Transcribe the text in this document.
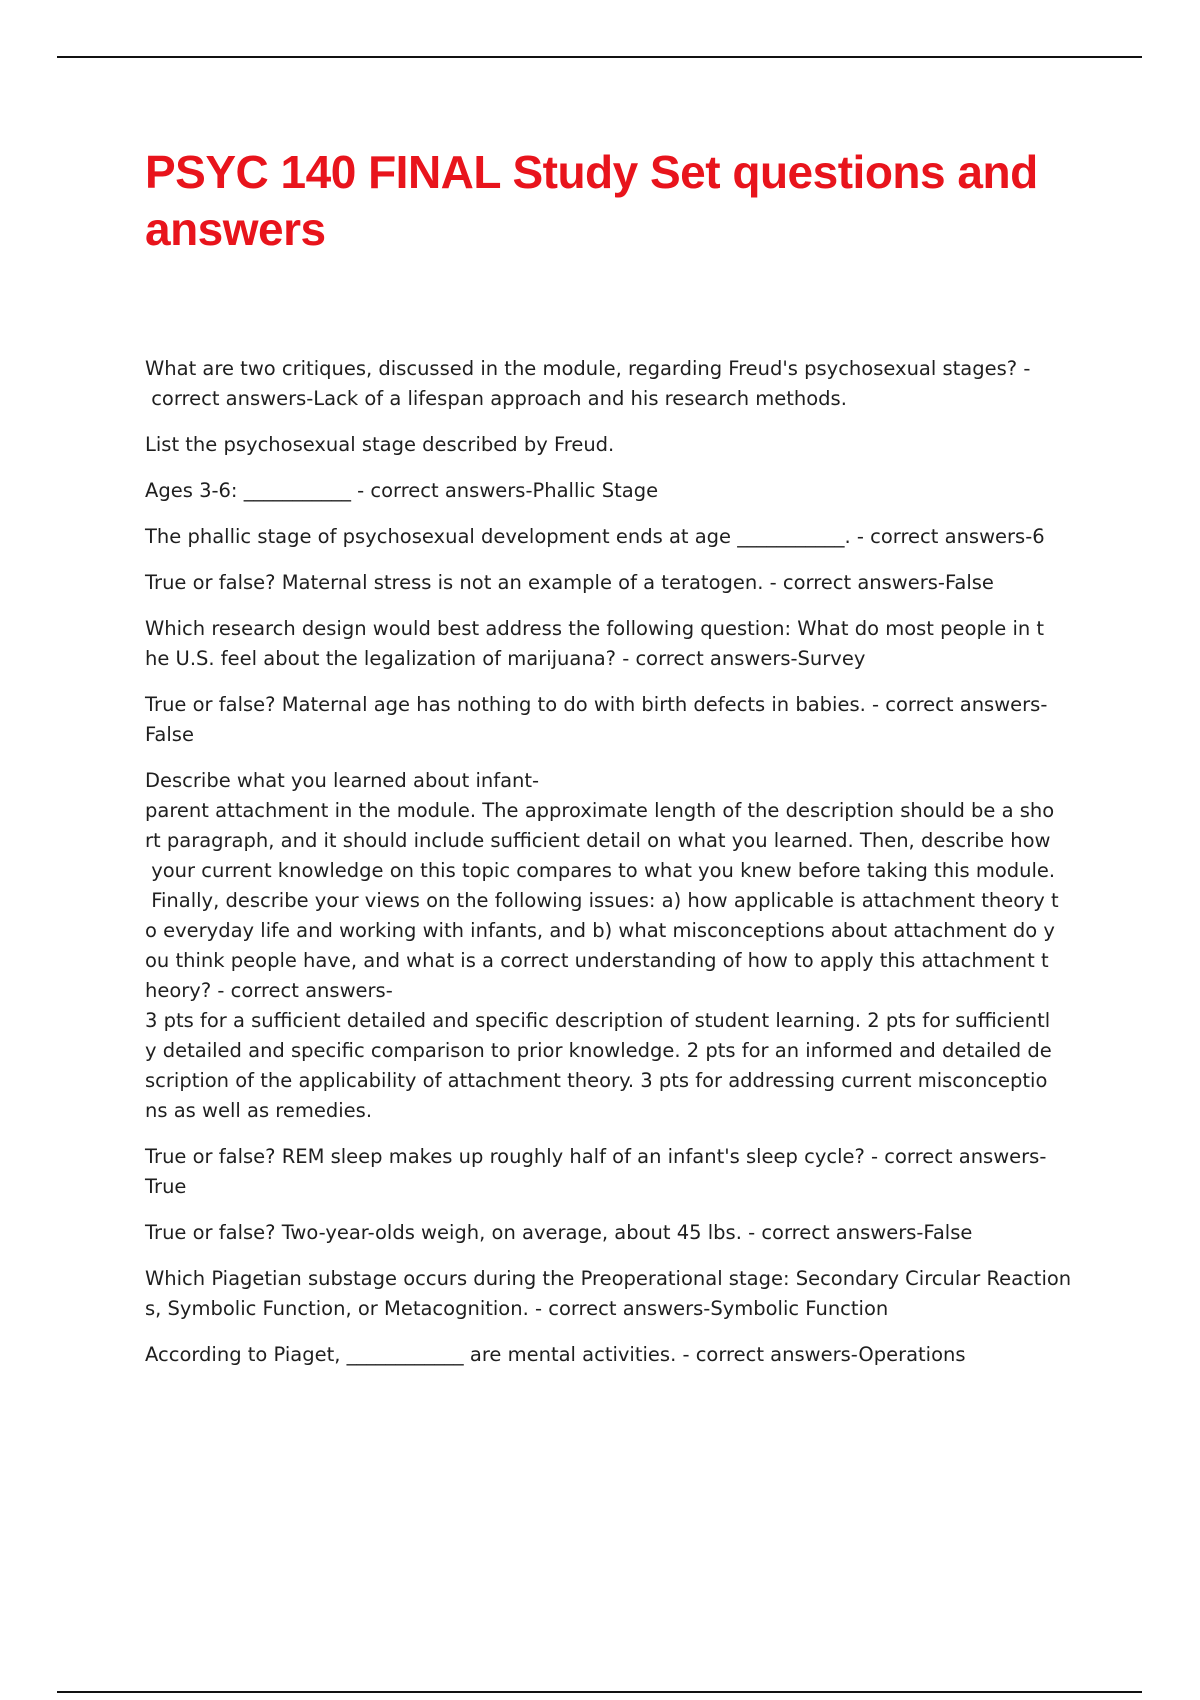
PSYC 140 FINAL Study Set questions and answers

What are two critiques, discussed in the module, regarding Freud's psychosexual stages? -
correct answers-Lack of a lifespan approach and his research methods.

List the psychosexual stage described by Freud.

Ages 3-6: ___________ - correct answers-Phallic Stage

The phallic stage of psychosexual development ends at age ___________. - correct answers-6

True or false? Maternal stress is not an example of a teratogen. - correct answers-False

Which research design would best address the following question: What do most people in t
he U.S. feel about the legalization of marijuana? - correct answers-Survey

True or false? Maternal age has nothing to do with birth defects in babies. - correct answers-
False

Describe what you learned about infant-
parent attachment in the module. The approximate length of the description should be a sho
rt paragraph, and it should include sufficient detail on what you learned. Then, describe how
your current knowledge on this topic compares to what you knew before taking this module.
Finally, describe your views on the following issues: a) how applicable is attachment theory t
o everyday life and working with infants, and b) what misconceptions about attachment do y
ou think people have, and what is a correct understanding of how to apply this attachment t
heory? - correct answers-
3 pts for a sufficient detailed and specific description of student learning. 2 pts for sufficientl
y detailed and specific comparison to prior knowledge. 2 pts for an informed and detailed de
scription of the applicability of attachment theory. 3 pts for addressing current misconceptio
ns as well as remedies.

True or false? REM sleep makes up roughly half of an infant's sleep cycle? - correct answers-
True

True or false? Two-year-olds weigh, on average, about 45 lbs. - correct answers-False

Which Piagetian substage occurs during the Preoperational stage: Secondary Circular Reaction
s, Symbolic Function, or Metacognition. - correct answers-Symbolic Function

According to Piaget, ____________ are mental activities. - correct answers-Operations
